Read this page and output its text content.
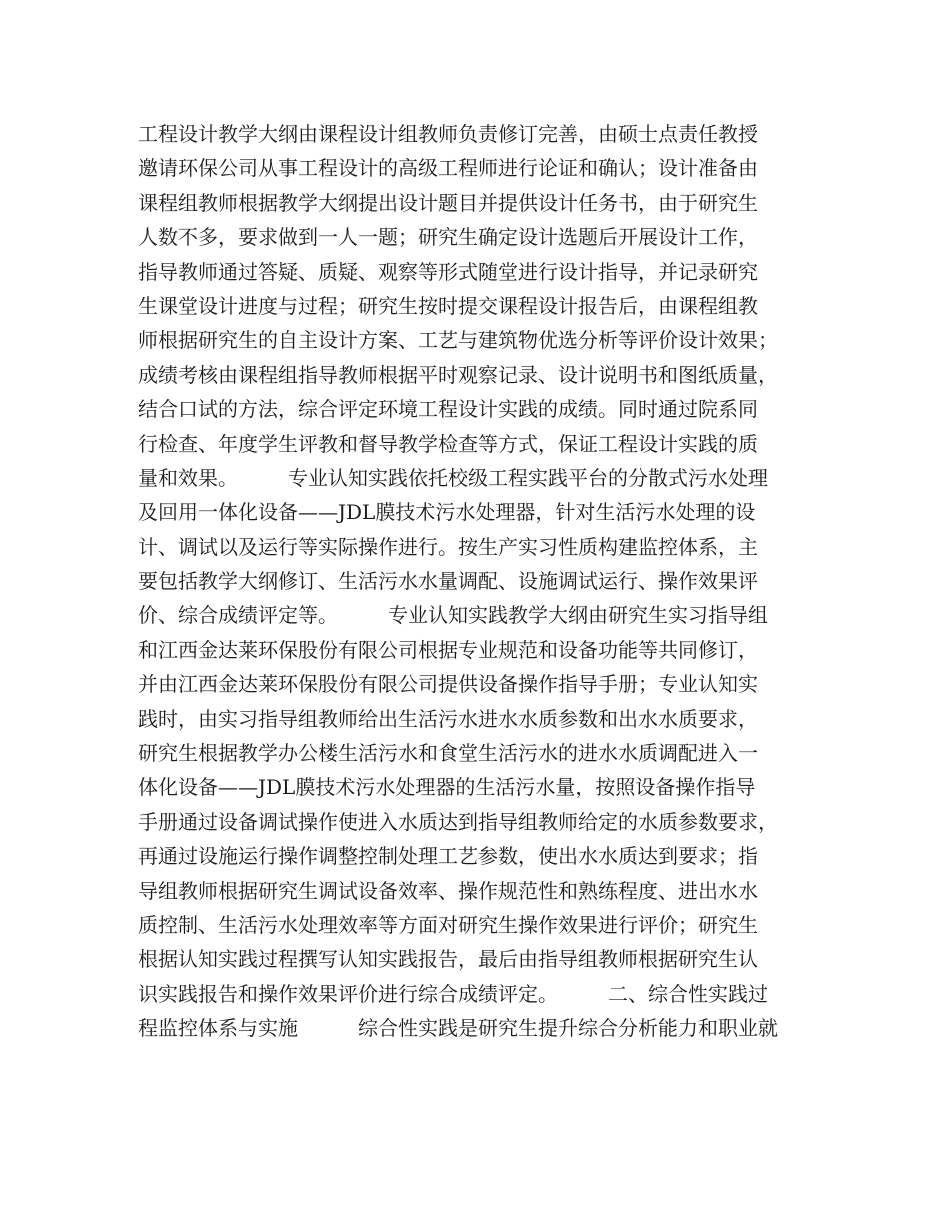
工程设计教学大纲由课程设计组教师负责修订完善，由硕士点责任教授
邀请环保公司从事工程设计的高级工程师进行论证和确认；设计准备由
课程组教师根据教学大纲提出设计题目并提供设计任务书，由于研究生
人数不多，要求做到一人一题；研究生确定设计选题后开展设计工作，
指导教师通过答疑、质疑、观察等形式随堂进行设计指导，并记录研究
生课堂设计进度与过程；研究生按时提交课程设计报告后，由课程组教
师根据研究生的自主设计方案、工艺与建筑物优选分析等评价设计效果；
成绩考核由课程组指导教师根据平时观察记录、设计说明书和图纸质量，
结合口试的方法，综合评定环境工程设计实践的成绩。同时通过院系同
行检查、年度学生评教和督导教学检查等方式，保证工程设计实践的质
量和效果。　　　专业认知实践依托校级工程实践平台的分散式污水处理
及回用一体化设备——JDL膜技术污水处理器，针对生活污水处理的设
计、调试以及运行等实际操作进行。按生产实习性质构建监控体系，主
要包括教学大纲修订、生活污水水量调配、设施调试运行、操作效果评
价、综合成绩评定等。　　　专业认知实践教学大纲由研究生实习指导组
和江西金达莱环保股份有限公司根据专业规范和设备功能等共同修订，
并由江西金达莱环保股份有限公司提供设备操作指导手册；专业认知实
践时，由实习指导组教师给出生活污水进水水质参数和出水水质要求，
研究生根据教学办公楼生活污水和食堂生活污水的进水水质调配进入一
体化设备——JDL膜技术污水处理器的生活污水量，按照设备操作指导
手册通过设备调试操作使进入水质达到指导组教师给定的水质参数要求，
再通过设施运行操作调整控制处理工艺参数，使出水水质达到要求；指
导组教师根据研究生调试设备效率、操作规范性和熟练程度、进出水水
质控制、生活污水处理效率等方面对研究生操作效果进行评价；研究生
根据认知实践过程撰写认知实践报告，最后由指导组教师根据研究生认
识实践报告和操作效果评价进行综合成绩评定。　　　二、综合性实践过
程监控体系与实施　　　综合性实践是研究生提升综合分析能力和职业就
